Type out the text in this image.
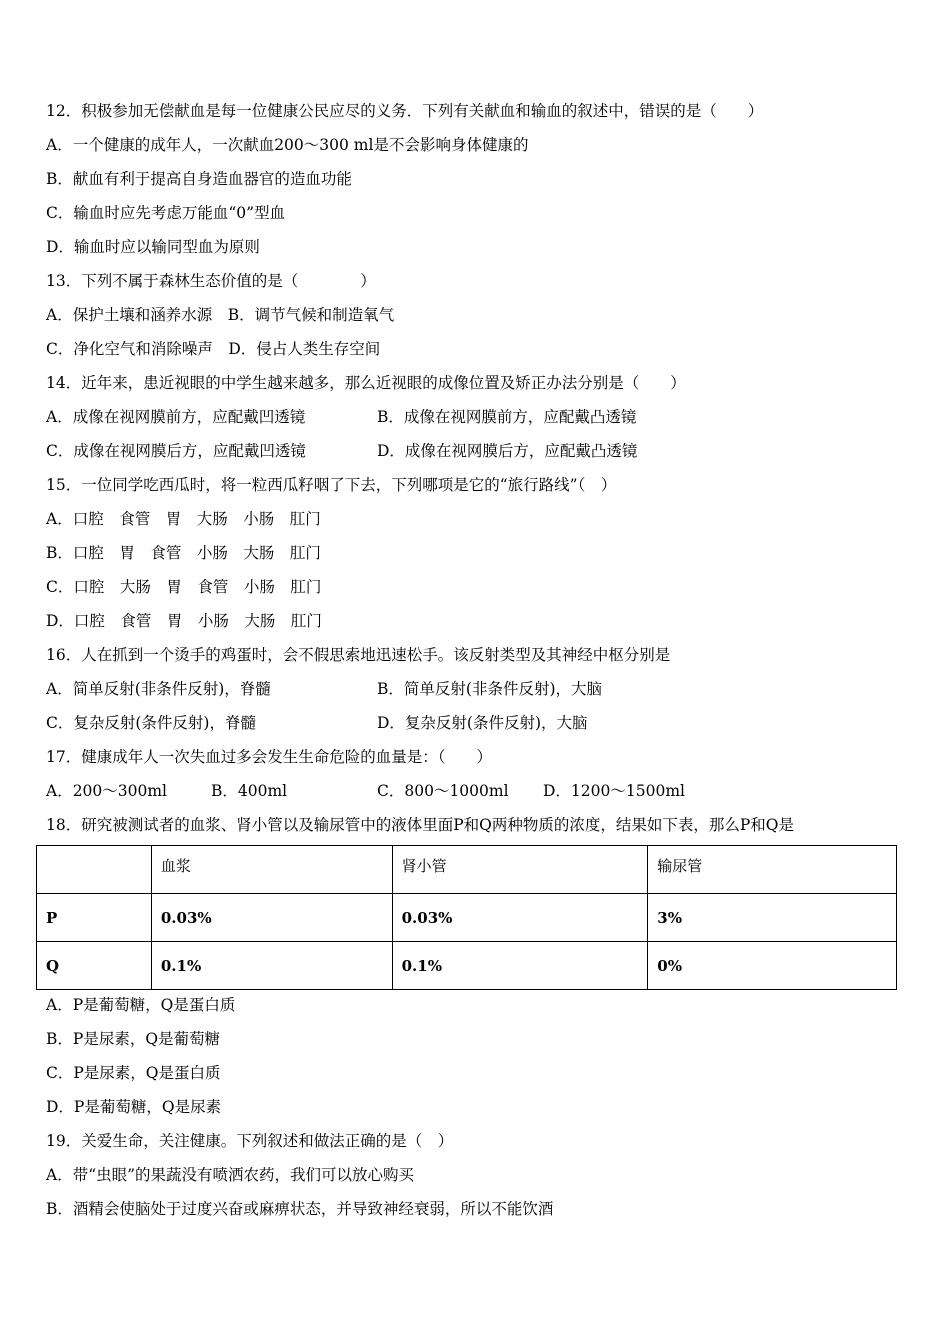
12．积极参加无偿献血是每一位健康公民应尽的义务．下列有关献血和输血的叙述中，错误的是（　　）
A．一个健康的成年人，一次献血200～300 ml是不会影响身体健康的
B．献血有利于提高自身造血器官的造血功能
C．输血时应先考虑万能血“0”型血
D．输血时应以输同型血为原则
13．下列不属于森林生态价值的是（　　　　）
A．保护土壤和涵养水源　B．调节气候和制造氧气
C．净化空气和消除噪声　D．侵占人类生存空间
14．近年来，患近视眼的中学生越来越多，那么近视眼的成像位置及矫正办法分别是（　　）
A．成像在视网膜前方，应配戴凹透镜	B．成像在视网膜前方，应配戴凸透镜
C．成像在视网膜后方，应配戴凹透镜	D．成像在视网膜后方，应配戴凸透镜
15．一位同学吃西瓜时，将一粒西瓜籽咽了下去，下列哪项是它的“旅行路线”（　）
A．口腔　食管　胃　大肠　小肠　肛门
B．口腔　胃　食管　小肠　大肠　肛门
C．口腔　大肠　胃　食管　小肠　肛门
D．口腔　食管　胃　小肠　大肠　肛门
16．人在抓到一个烫手的鸡蛋时，会不假思索地迅速松手。该反射类型及其神经中枢分别是
A．简单反射(非条件反射)，脊髓	B．简单反射(非条件反射)，大脑
C．复杂反射(条件反射)，脊髓	D．复杂反射(条件反射)，大脑
17．健康成年人一次失血过多会发生生命危险的血量是：（　　）
A．200～300ml	B．400ml	C．800～1000ml D．1200～1500ml
18．研究被测试者的血浆、肾小管以及输尿管中的液体里面P和Q两种物质的浓度，结果如下表，那么P和Q是
	血浆	肾小管	输尿管
P	0.03%	0.03%	3%
Q	0.1%	0.1%	0%
A．P是葡萄糖，Q是蛋白质
B．P是尿素，Q是葡萄糖
C．P是尿素，Q是蛋白质
D．P是葡萄糖，Q是尿素
19．关爱生命，关注健康。下列叙述和做法正确的是（　）
A．带“虫眼”的果蔬没有喷洒农药，我们可以放心购买
B．酒精会使脑处于过度兴奋或麻痹状态，并导致神经衰弱，所以不能饮酒
